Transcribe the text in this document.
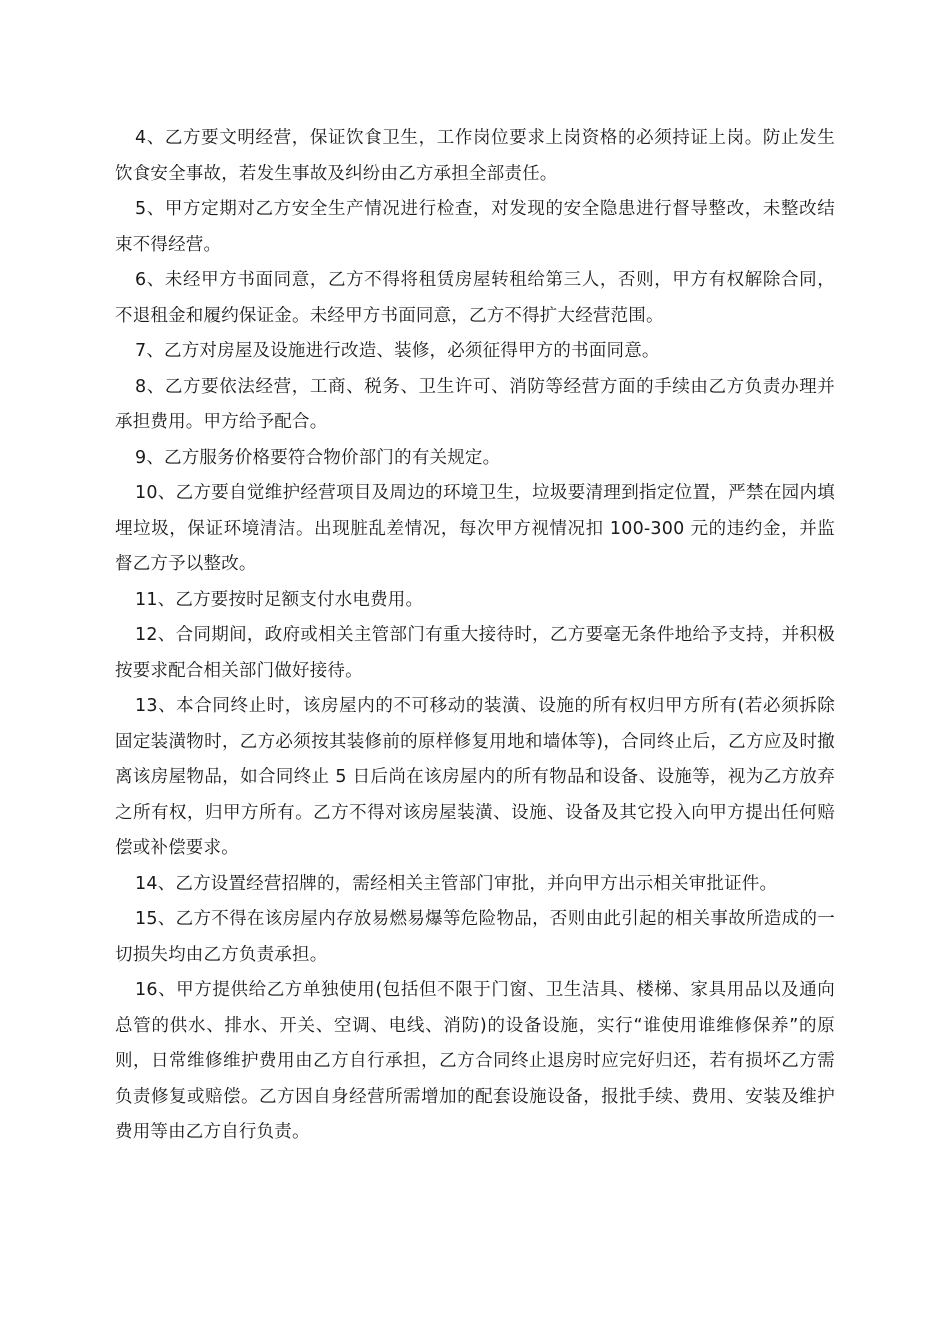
4、乙方要文明经营，保证饮食卫生，工作岗位要求上岗资格的必须持证上岗。防止发生饮食安全事故，若发生事故及纠纷由乙方承担全部责任。

5、甲方定期对乙方安全生产情况进行检查，对发现的安全隐患进行督导整改，未整改结束不得经营。

6、未经甲方书面同意，乙方不得将租赁房屋转租给第三人，否则，甲方有权解除合同，不退租金和履约保证金。未经甲方书面同意，乙方不得扩大经营范围。

7、乙方对房屋及设施进行改造、装修，必须征得甲方的书面同意。

8、乙方要依法经营，工商、税务、卫生许可、消防等经营方面的手续由乙方负责办理并承担费用。甲方给予配合。

9、乙方服务价格要符合物价部门的有关规定。

10、乙方要自觉维护经营项目及周边的环境卫生，垃圾要清理到指定位置，严禁在园内填埋垃圾，保证环境清洁。出现脏乱差情况，每次甲方视情况扣 100-300 元的违约金，并监督乙方予以整改。

11、乙方要按时足额支付水电费用。

12、合同期间，政府或相关主管部门有重大接待时，乙方要毫无条件地给予支持，并积极按要求配合相关部门做好接待。

13、本合同终止时，该房屋内的不可移动的装潢、设施的所有权归甲方所有(若必须拆除固定装潢物时，乙方必须按其装修前的原样修复用地和墙体等)，合同终止后，乙方应及时撤离该房屋物品，如合同终止 5 日后尚在该房屋内的所有物品和设备、设施等，视为乙方放弃之所有权，归甲方所有。乙方不得对该房屋装潢、设施、设备及其它投入向甲方提出任何赔偿或补偿要求。

14、乙方设置经营招牌的，需经相关主管部门审批，并向甲方出示相关审批证件。

15、乙方不得在该房屋内存放易燃易爆等危险物品，否则由此引起的相关事故所造成的一切损失均由乙方负责承担。

16、甲方提供给乙方单独使用(包括但不限于门窗、卫生洁具、楼梯、家具用品以及通向总管的供水、排水、开关、空调、电线、消防)的设备设施，实行“谁使用谁维修保养”的原则，日常维修维护费用由乙方自行承担，乙方合同终止退房时应完好归还，若有损坏乙方需负责修复或赔偿。乙方因自身经营所需增加的配套设施设备，报批手续、费用、安装及维护费用等由乙方自行负责。
